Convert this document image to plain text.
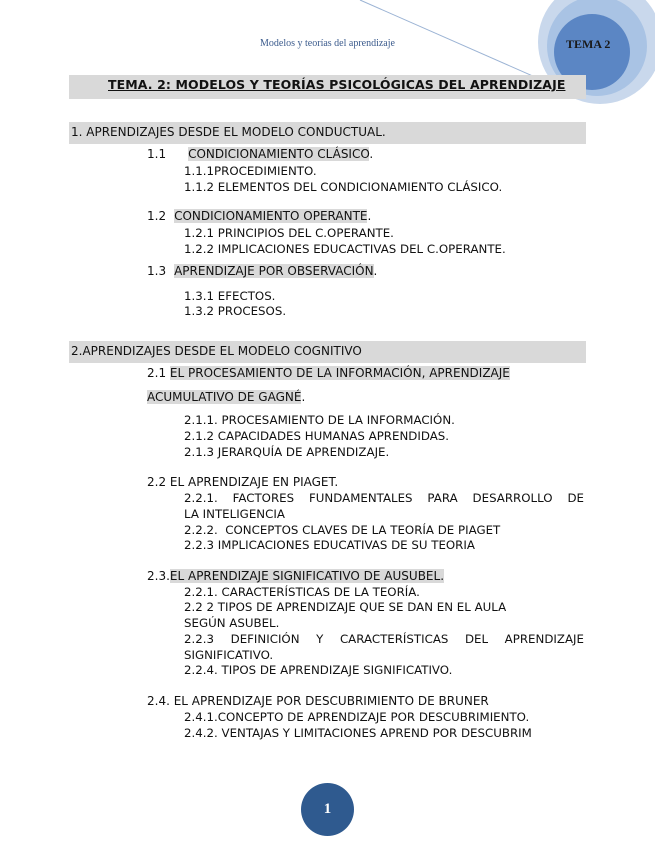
Modelos y teorías del aprendizaje	TEMA 2
TEMA. 2: MODELOS Y TEORÍAS PSICOLÓGICAS DEL APRENDIZAJE
1. APRENDIZAJES DESDE EL MODELO CONDUCTUAL.
1.1 CONDICIONAMIENTO CLÁSICO.
1.1.1PROCEDIMIENTO.
1.1.2 ELEMENTOS DEL CONDICIONAMIENTO CLÁSICO.
1.2 CONDICIONAMIENTO OPERANTE.
1.2.1 PRINCIPIOS DEL C.OPERANTE.
1.2.2 IMPLICACIONES EDUCACTIVAS DEL C.OPERANTE.
1.3 APRENDIZAJE POR OBSERVACIÓN.
1.3.1 EFECTOS.
1.3.2 PROCESOS.
2.APRENDIZAJES DESDE EL MODELO COGNITIVO
2.1 EL PROCESAMIENTO DE LA INFORMACIÓN, APRENDIZAJE
ACUMULATIVO DE GAGNÉ.
2.1.1. PROCESAMIENTO DE LA INFORMACIÓN.
2.1.2 CAPACIDADES HUMANAS APRENDIDAS.
2.1.3 JERARQUÍA DE APRENDIZAJE.
2.2 EL APRENDIZAJE EN PIAGET.
2.2.1. FACTORES FUNDAMENTALES PARA DESARROLLO DE
LA INTELIGENCIA
2.2.2.  CONCEPTOS CLAVES DE LA TEORÍA DE PIAGET
2.2.3 IMPLICACIONES EDUCATIVAS DE SU TEORIA
2.3.EL APRENDIZAJE SIGNIFICATIVO DE AUSUBEL.
2.2.1. CARACTERÍSTICAS DE LA TEORÍA.
2.2 2 TIPOS DE APRENDIZAJE QUE SE DAN EN EL AULA
SEGÚN ASUBEL.
2.2.3 DEFINICIÓN Y CARACTERÍSTICAS DEL APRENDIZAJE
SIGNIFICATIVO.
2.2.4. TIPOS DE APRENDIZAJE SIGNIFICATIVO.
2.4. EL APRENDIZAJE POR DESCUBRIMIENTO DE BRUNER
2.4.1.CONCEPTO DE APRENDIZAJE POR DESCUBRIMIENTO.
2.4.2. VENTAJAS Y LIMITACIONES APREND POR DESCUBRIM
1
